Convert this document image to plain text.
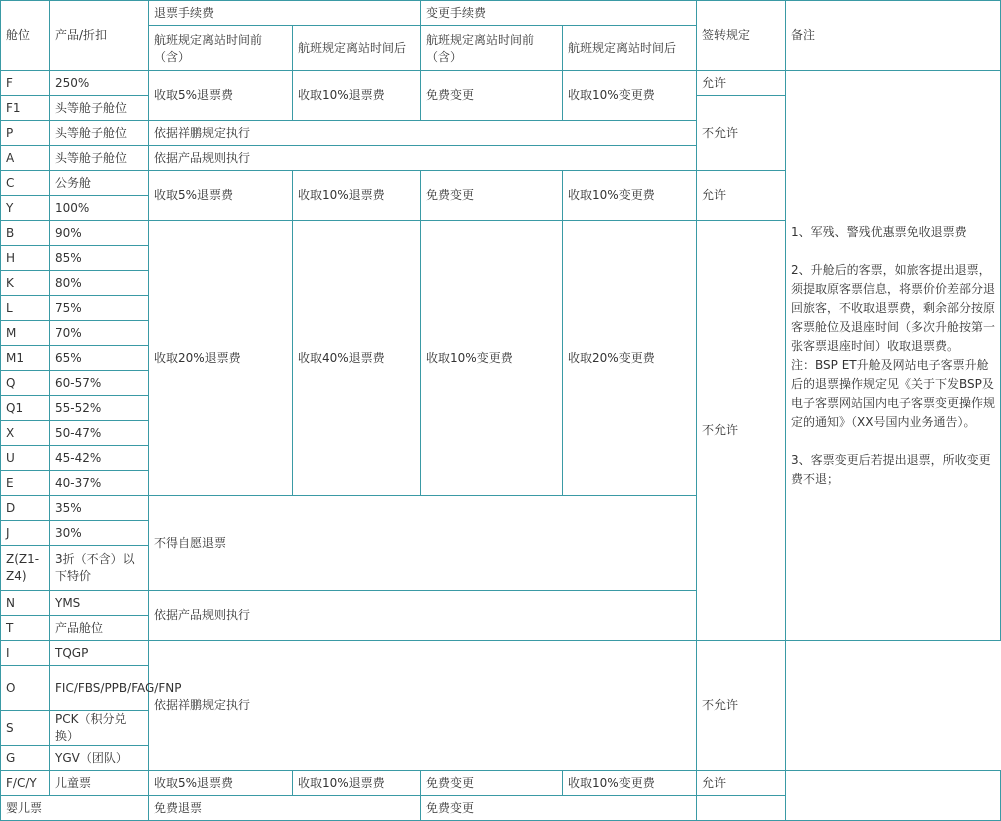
舱位	产品/折扣	退票手续费		变更手续费		签转规定	备注	
		航班规定离站时间前（含）	航班规定离站时间后	航班规定离站时间前（含）	航班规定离站时间后			
F	250%	收取5%退票费	收取10%退票费	免费变更	收取10%变更费	允许	1、军残、警残优惠票免收退票费
2、升舱后的客票，如旅客提出退票，须提取原客票信息，将票价价差部分退回旅客，不收取退票费，剩余部分按原客票舱位及退座时间（多次升舱按第一张客票退座时间）收取退票费。
注：BSP ET升舱及网站电子客票升舱后的退票操作规定见《关于下发BSP及电子客票网站国内电子客票变更操作规定的通知》（XX号国内业务通告）。
3、客票变更后若提出退票，所收变更费不退；	

F1	头等舱子舱位					不允许		
P	头等舱子舱位	依据祥鹏规定执行						
A	头等舱子舱位	依据产品规则执行						
C	公务舱	收取5%退票费	收取10%退票费	免费变更	收取10%变更费	允许		
Y	100%							
B	90%	收取20%退票费	收取40%退票费	收取10%变更费	收取20%变更费	不允许		
H	85%							
K	80%							
L	75%							
M	70%							
M1	65%							
Q	60-57%							
Q1	55-52%							
X	50-47%							
U	45-42%							
E	40-37%							
D	35%	不得自愿退票						
J	30%							
Z(Z1-Z4)	3折（不含）以下特价							
N	YMS	依据产品规则执行						
T	产品舱位							
I	TQGP	依据祥鹏规定执行				不允许		
O	FIC/FBS/PPB/FAG/FNP							
S	PCK（积分兑换）							
G	YGV（团队）							
F/C/Y	儿童票	收取5%退票费	收取10%退票费	免费变更	收取10%变更费	允许		
婴儿票		免费退票		免费变更				
